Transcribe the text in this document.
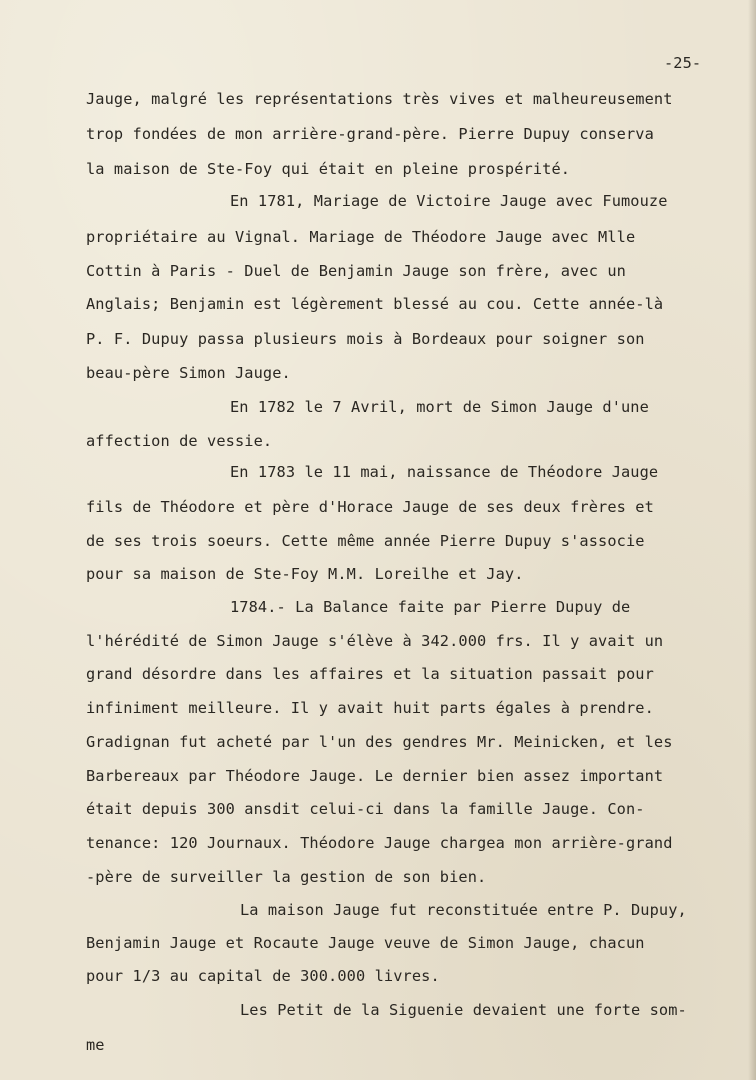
-25-
Jauge, malgré les représentations très vives et malheureusement
trop fondées de mon arrière-grand-père. Pierre Dupuy conserva
la maison de Ste-Foy qui était en pleine prospérité.
En 1781, Mariage de Victoire Jauge avec Fumouze
propriétaire au Vignal. Mariage de Théodore Jauge avec Mlle
Cottin à Paris - Duel de Benjamin Jauge son frère, avec un
Anglais; Benjamin est légèrement blessé au cou. Cette année-là
P. F. Dupuy passa plusieurs mois à Bordeaux pour soigner son
beau-père Simon Jauge.
En 1782 le 7 Avril, mort de Simon Jauge d'une
affection de vessie.
En 1783 le 11 mai, naissance de Théodore Jauge
fils de Théodore et père d'Horace Jauge de ses deux frères et
de ses trois soeurs. Cette même année Pierre Dupuy s'associe
pour sa maison de Ste-Foy M.M. Loreilhe et Jay.
1784.- La Balance faite par Pierre Dupuy de
l'hérédité de Simon Jauge s'élève à 342.000 frs. Il y avait un
grand désordre dans les affaires et la situation passait pour
infiniment meilleure. Il y avait huit parts égales à prendre.
Gradignan fut acheté par l'un des gendres Mr. Meinicken, et les
Barbereaux par Théodore Jauge. Le dernier bien assez important
était depuis 300 ansdit celui-ci dans la famille Jauge. Con-
tenance: 120 Journaux. Théodore Jauge chargea mon arrière-grand
-père de surveiller la gestion de son bien.
La maison Jauge fut reconstituée entre P. Dupuy,
Benjamin Jauge et Rocaute Jauge veuve de Simon Jauge, chacun
pour 1/3 au capital de 300.000 livres.
Les Petit de la Siguenie devaient une forte som-
me
